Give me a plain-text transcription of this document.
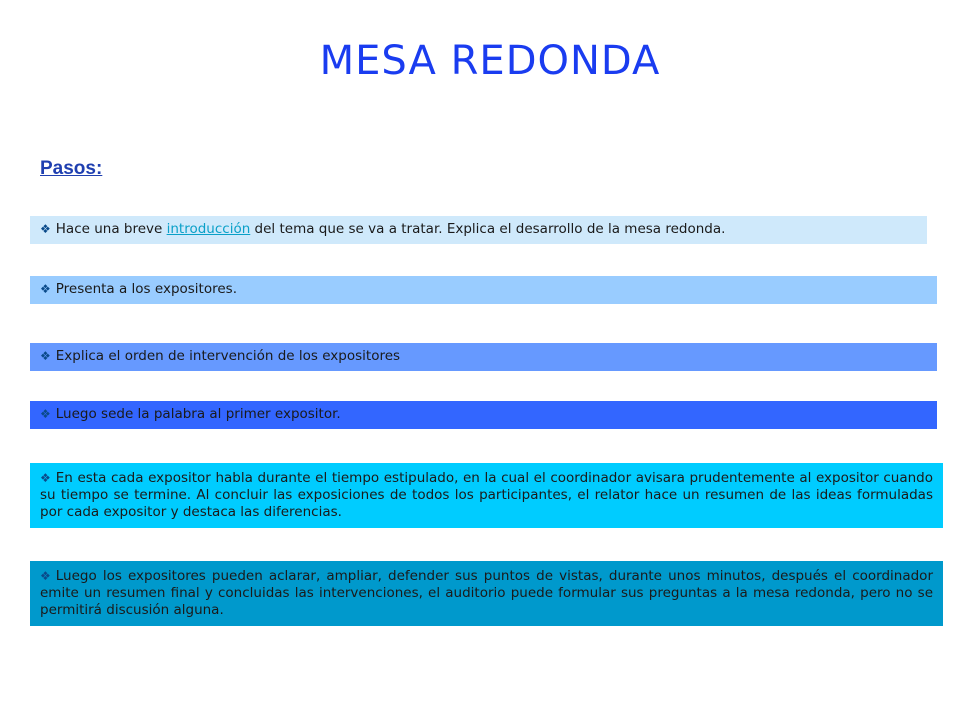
MESA REDONDA
Pasos:
❖ Hace una breve introducción del tema que se va a tratar. Explica el desarrollo de la mesa redonda.
❖ Presenta a los expositores.
❖ Explica el orden de intervención de los expositores
❖ Luego sede la palabra al primer expositor.
❖ En esta cada expositor habla durante el tiempo estipulado, en la cual el coordinador avisara prudentemente al expositor cuando su tiempo se termine. Al concluir las exposiciones de todos los participantes, el relator hace un resumen de las ideas formuladas por cada expositor y destaca las diferencias.
❖ Luego los expositores pueden aclarar, ampliar, defender sus puntos de vistas, durante unos minutos, después el coordinador emite un resumen final y concluidas las intervenciones, el auditorio puede formular sus preguntas a la mesa redonda, pero no se permitirá discusión alguna.
